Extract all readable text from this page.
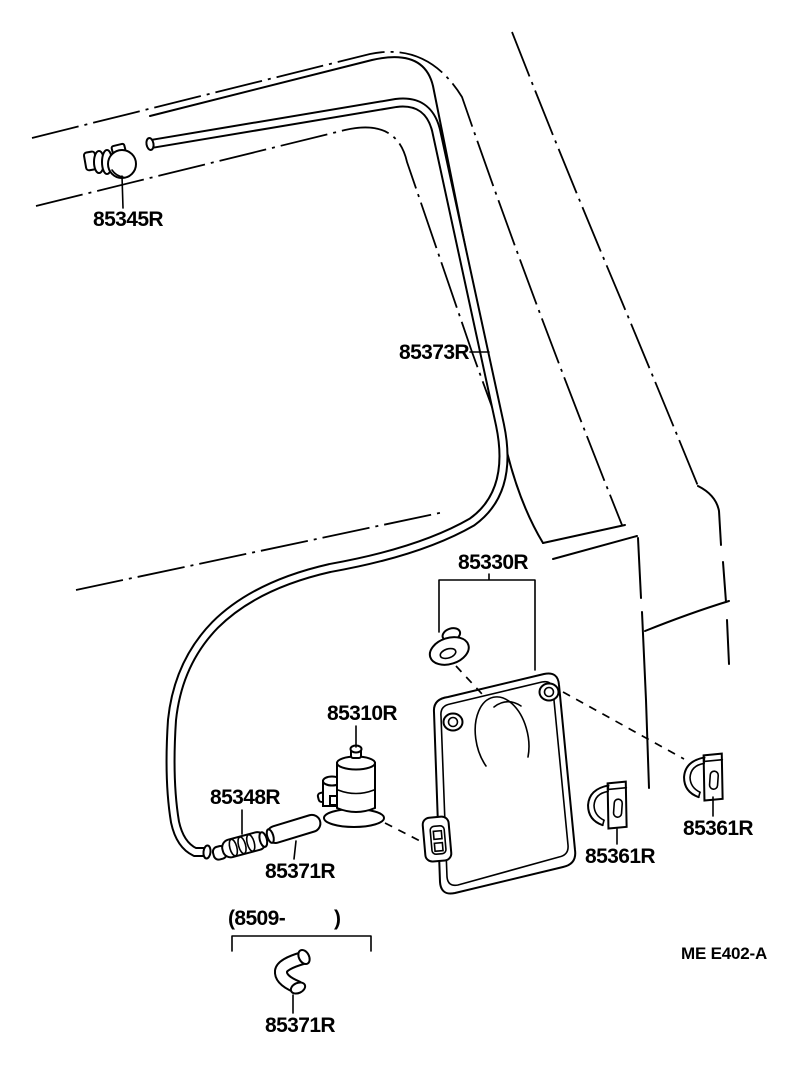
85345R
85373R
85330R
85310R
85348R
85371R
85361R
85361R
(8509- )
85371R
ME E402-A
